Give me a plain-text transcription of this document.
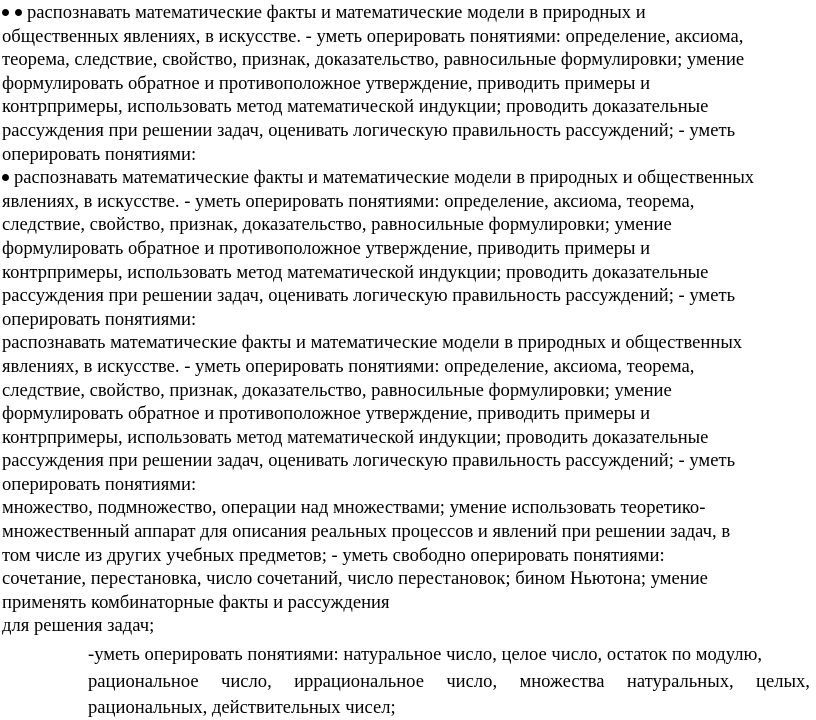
распознавать математические факты и математические модели в природных и
общественных явлениях, в искусстве. - уметь оперировать понятиями: определение, аксиома,
теорема, следствие, свойство, признак, доказательство, равносильные формулировки; умение
формулировать обратное и противоположное утверждение, приводить примеры и
контрпримеры, использовать метод математической индукции; проводить доказательные
рассуждения при решении задач, оценивать логическую правильность рассуждений; - уметь
оперировать понятиями:
распознавать математические факты и математические модели в природных и общественных
явлениях, в искусстве. - уметь оперировать понятиями: определение, аксиома, теорема,
следствие, свойство, признак, доказательство, равносильные формулировки; умение
формулировать обратное и противоположное утверждение, приводить примеры и
контрпримеры, использовать метод математической индукции; проводить доказательные
рассуждения при решении задач, оценивать логическую правильность рассуждений; - уметь
оперировать понятиями:
распознавать математические факты и математические модели в природных и общественных
явлениях, в искусстве. - уметь оперировать понятиями: определение, аксиома, теорема,
следствие, свойство, признак, доказательство, равносильные формулировки; умение
формулировать обратное и противоположное утверждение, приводить примеры и
контрпримеры, использовать метод математической индукции; проводить доказательные
рассуждения при решении задач, оценивать логическую правильность рассуждений; - уметь
оперировать понятиями:
множество, подмножество, операции над множествами; умение использовать теоретико-
множественный аппарат для описания реальных процессов и явлений при решении задач, в
том числе из других учебных предметов; - уметь свободно оперировать понятиями:
сочетание, перестановка, число сочетаний, число перестановок; бином Ньютона; умение
применять комбинаторные факты и рассуждения
для решения задач;
-уметь оперировать понятиями: натуральное число, целое число, остаток по модулю,
рациональное число, иррациональное число, множества натуральных, целых,
рациональных, действительных чисел;
